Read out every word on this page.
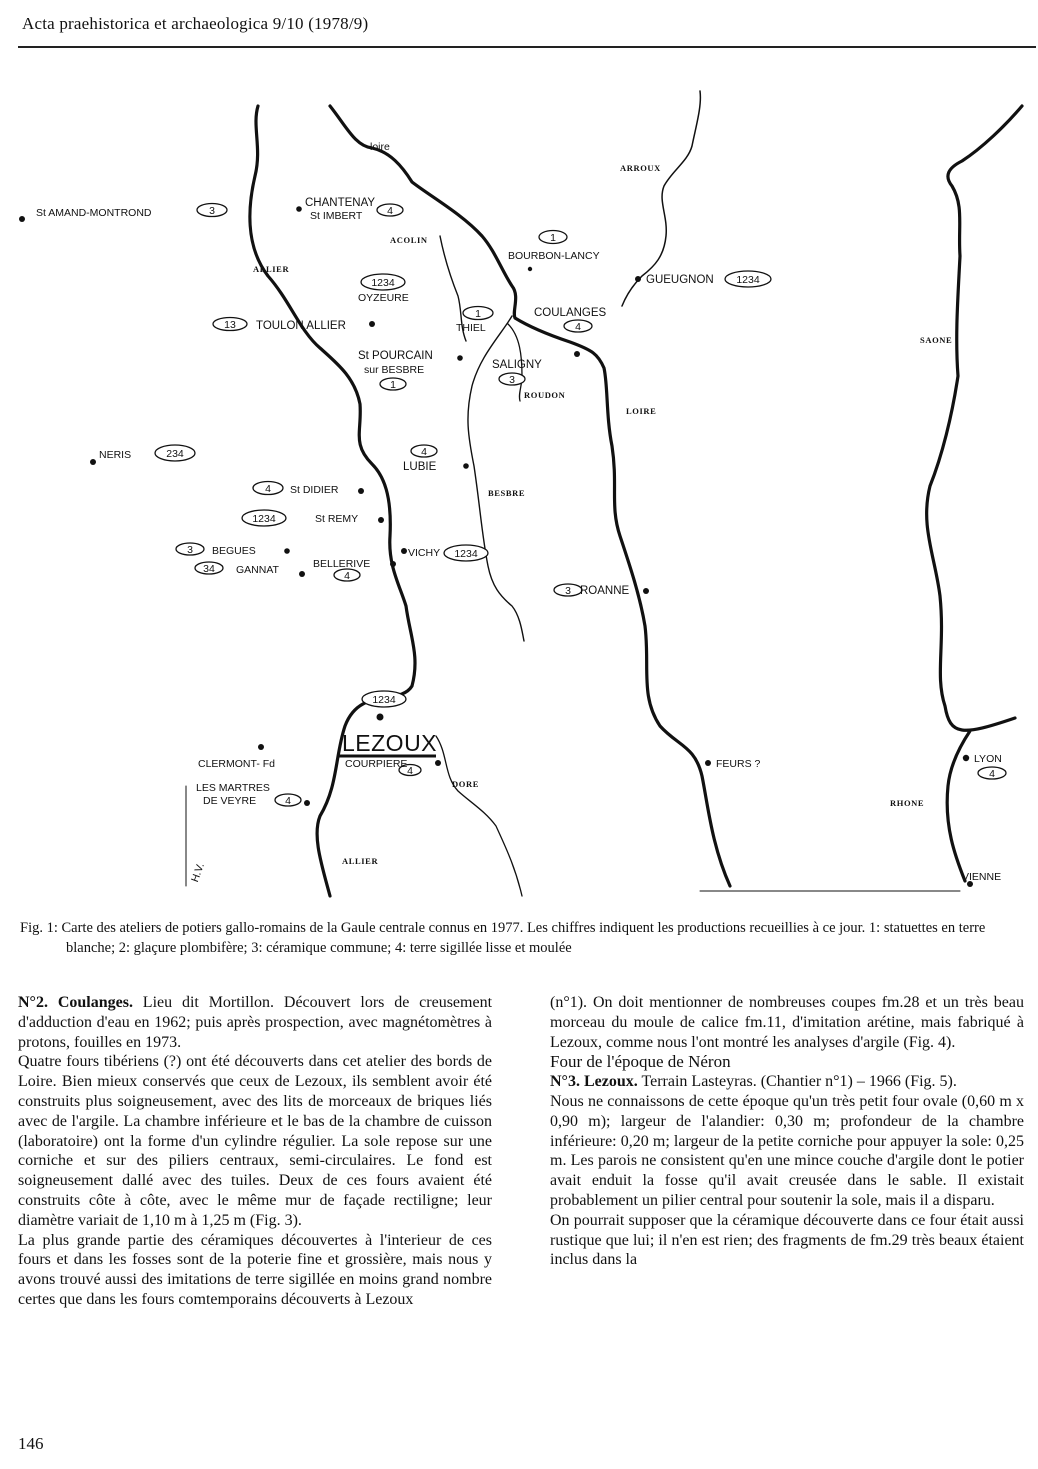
Acta praehistorica et archaeologica 9/10 (1978/9)
3	4
1
1234
1234
13
1
4
1	3
234	4
4
1234
3
34
4
1234
3
1234
4
4
4
St AMAND-MONTROND
CHANTENAY
St IMBERT
BOURBON-LANCY
GUEUGNON
OYZEURE
TOULON ALLIER	THIEL
COULANGES
St POURCAIN
sur BESBRE	SALIGNY
NERIS
LUBIE
St DIDIER
St REMY
BEGUES
GANNAT	BELLERIVE
VICHY
ROANNE
LEZOUX
CLERMONT- Fd	COURPIERE
LES MARTRES
DE VEYRE
FEURS ?	LYON
VIENNE
loire
ARROUX
ACOLIN
ALLIER
SAONE
ROUDON
LOIRE
BESBRE
DORE
RHONE
ALLIER
H.V.
Fig. 1: Carte des ateliers de potiers gallo-romains de la Gaule centrale connus en 1977. Les chiffres indiquent les productions recueillies à ce jour. 1: statuettes en terre blanche; 2: glaçure plombifère; 3: céramique commune; 4: terre sigillée lisse et moulée

N°2. Coulanges. Lieu dit Mortillon. Découvert lors de creusement d'adduction d'eau en 1962; puis après prospection, avec magnétomètres à protons, fouilles en 1973.

Quatre fours tibériens (?) ont été découverts dans cet atelier des bords de Loire. Bien mieux conservés que ceux de Lezoux, ils semblent avoir été construits plus soigneusement, avec des lits de morceaux de briques liés avec de l'argile. La chambre inférieure et le bas de la chambre de cuisson (laboratoire) ont la forme d'un cylindre régulier. La sole repose sur une corniche et sur des piliers centraux, semi-circulaires. Le fond est soigneusement dallé avec des tuiles. Deux de ces fours avaient été construits côte à côte, avec le même mur de façade rectiligne; leur diamètre variait de 1,10 m à 1,25 m (Fig. 3).

La plus grande partie des céramiques découvertes à l'interieur de ces fours et dans les fosses sont de la poterie fine et grossière, mais nous y avons trouvé aussi des imitations de terre sigillée en moins grand nombre certes que dans les fours comtemporains découverts à Lezoux

(n°1). On doit mentionner de nombreuses coupes fm.28 et un très beau morceau du moule de calice fm.11, d'imitation arétine, mais fabriqué à Lezoux, comme nous l'ont montré les analyses d'argile (Fig. 4).

Four de l'époque de Néron

N°3. Lezoux. Terrain Lasteyras. (Chantier n°1) – 1966 (Fig. 5).

Nous ne connaissons de cette époque qu'un très petit four ovale (0,60 m x 0,90 m); largeur de l'alandier: 0,30 m; profondeur de la chambre inférieure: 0,20 m; largeur de la petite corniche pour appuyer la sole: 0,25 m. Les parois ne consistent qu'en une mince couche d'argile dont le potier avait enduit la fosse qu'il avait creusée dans le sable. Il existait probablement un pilier central pour soutenir la sole, mais il a disparu.

On pourrait supposer que la céramique découverte dans ce four était aussi rustique que lui; il n'en est rien; des fragments de fm.29 très beaux étaient inclus dans la

146
